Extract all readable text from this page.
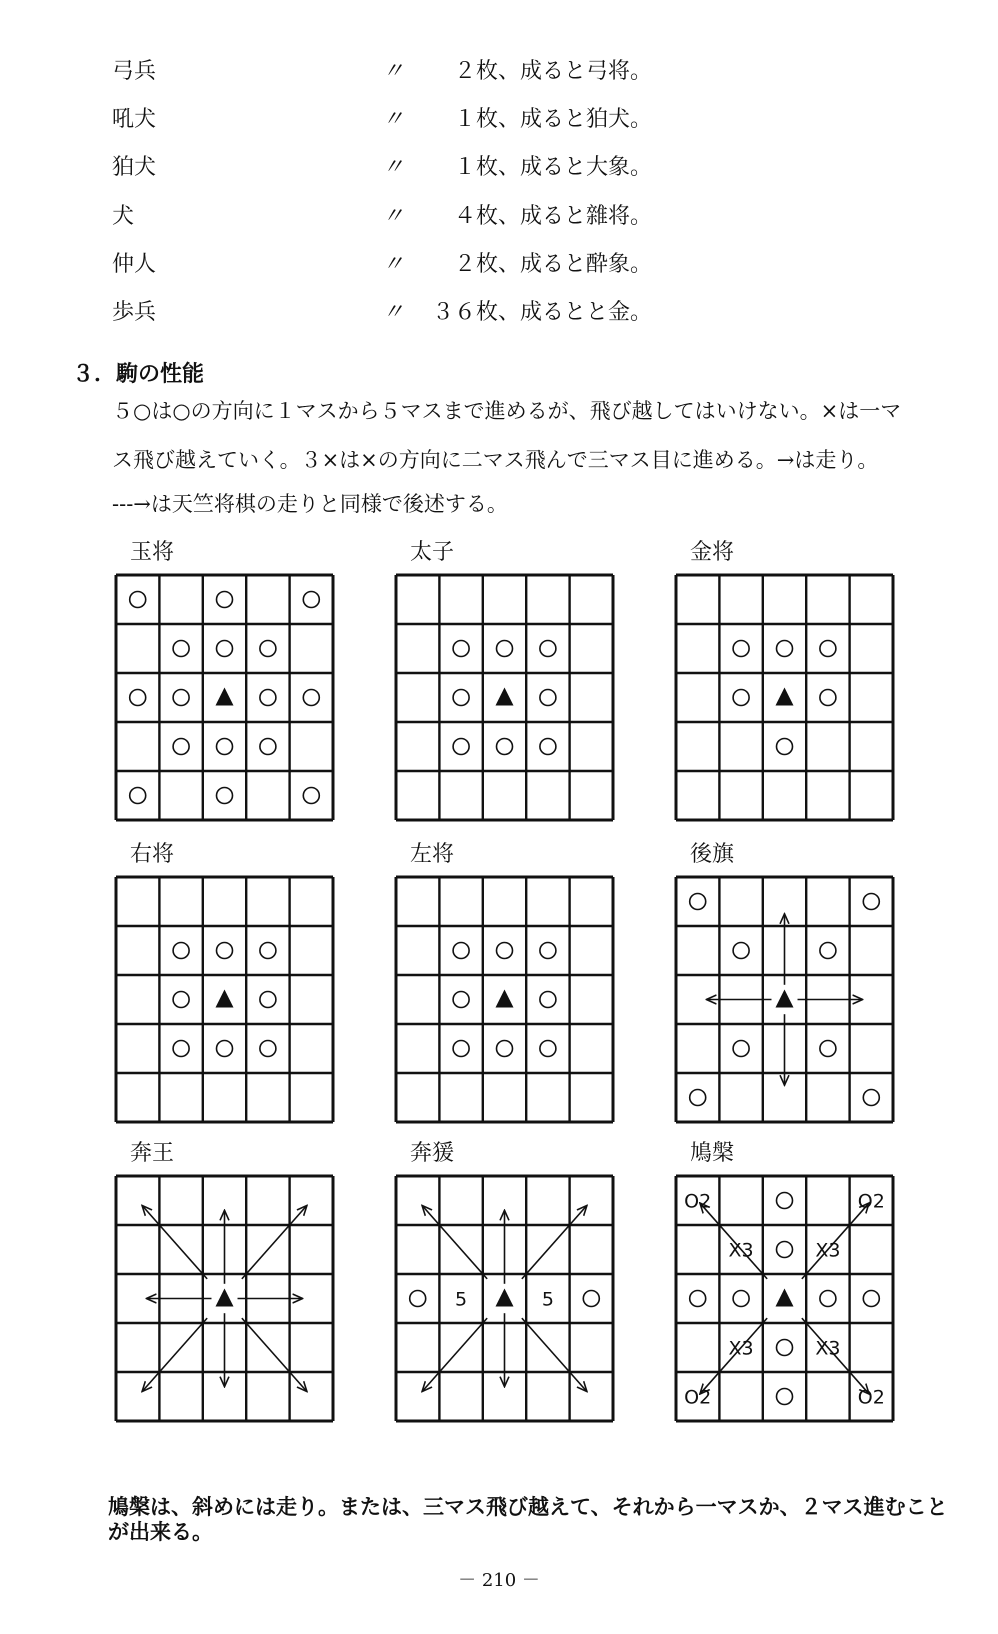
弓兵	〃	２枚、成ると弓将。
吼犬	〃	１枚、成ると狛犬。
狛犬	〃	１枚、成ると大象。
犬	〃	４枚、成ると雜将。
仲人	〃	２枚、成ると酔象。
歩兵	〃	３６枚、成るとと金。
３．駒の性能
５○は○の方向に１マスから５マスまで進めるが、飛び越してはいけない。×は一マ
ス飛び越えていく。３×は×の方向に二マス飛んで三マス目に進める。→は走り。
---→は天竺将棋の走りと同様で後述する。
玉将	太子	金将
右将	左将	後旗
奔王	奔猨
5	5
鳩槃
O2	O2
X3	X3
X3	X3
O2	O2
鳩槃は、斜めには走り。または、三マス飛び越えて、それから一マスか、２マス進むことが出来る。
－ 210 －
